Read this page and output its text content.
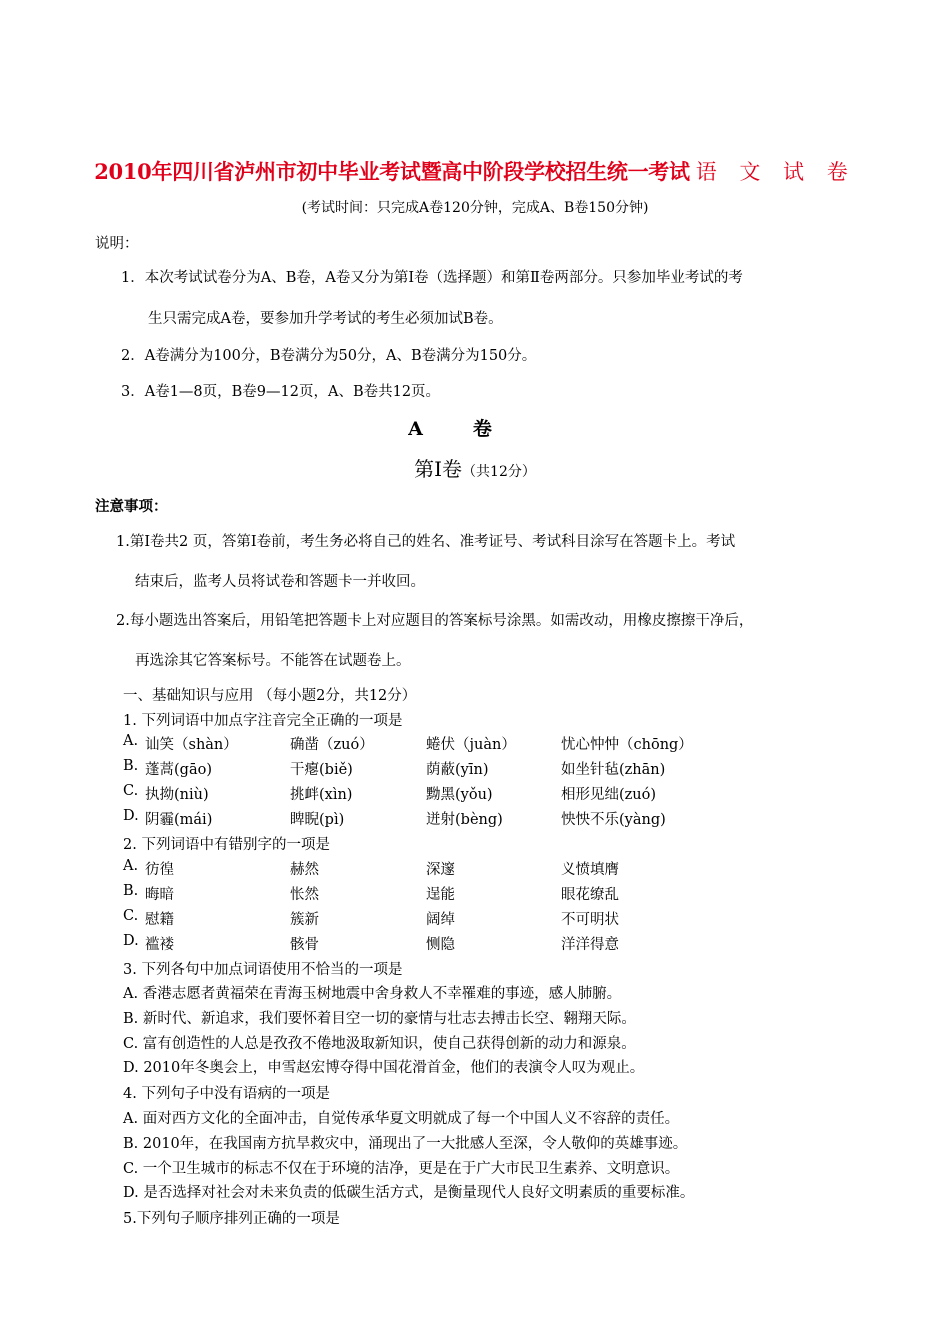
2010年四川省泸州市初中毕业考试暨高中阶段学校招生统一考试 语 文 试 卷
(考试时间：只完成A卷120分钟，完成A、B卷150分钟)
说明：
1．本次考试试卷分为A、B卷，A卷又分为第Ⅰ卷（选择题）和第Ⅱ卷两部分。只参加毕业考试的考
生只需完成A卷，要参加升学考试的考生必须加试B卷。
2．A卷满分为100分，B卷满分为50分，A、B卷满分为150分。
3．A卷1—8页，B卷9—12页，A、B卷共12页。
A卷
第Ⅰ卷（共12分）
注意事项：
1.第Ⅰ卷共2 页，答第Ⅰ卷前，考生务必将自己的姓名、准考证号、考试科目涂写在答题卡上。考试
结束后，监考人员将试卷和答题卡一并收回。
2.每小题选出答案后，用铅笔把答题卡上对应题目的答案标号涂黑。如需改动，用橡皮擦擦干净后，
再选涂其它答案标号。不能答在试题卷上。
一、基础知识与应用 （每小题2分，共12分）
1. 下列词语中加点字注音完全正确的一项是
A. 讪笑（shàn）	确凿（zuó）	蜷伏（juàn）	忧心忡忡（chōng）
B. 蓬蒿(gāo)	干瘪(biě)	荫蔽(yīn)	如坐针毡(zhān)
C. 执拗(niù)	挑衅(xìn)	黝黑(yǒu)	相形见绌(zuó)
D. 阴霾(mái)	睥睨(pì)	迸射(bèng)	怏怏不乐(yàng)
2. 下列词语中有错别字的一项是
A. 彷徨	赫然	深邃	义愤填膺
B. 晦暗	怅然	逞能	眼花缭乱
C. 慰籍	簇新	阔绰	不可明状
D. 褴褛	骸骨	恻隐	洋洋得意
3. 下列各句中加点词语使用不恰当的一项是
A. 香港志愿者黄福荣在青海玉树地震中舍身救人不幸罹难的事迹，感人肺腑。
B. 新时代、新追求，我们要怀着目空一切的豪情与壮志去搏击长空、翱翔天际。
C. 富有创造性的人总是孜孜不倦地汲取新知识，使自己获得创新的动力和源泉。
D. 2010年冬奥会上，申雪赵宏博夺得中国花滑首金，他们的表演令人叹为观止。
4. 下列句子中没有语病的一项是
A. 面对西方文化的全面冲击，自觉传承华夏文明就成了每一个中国人义不容辞的责任。
B. 2010年，在我国南方抗旱救灾中，涌现出了一大批感人至深，令人敬仰的英雄事迹。
C. 一个卫生城市的标志不仅在于环境的洁净，更是在于广大市民卫生素养、文明意识。
D. 是否选择对社会对未来负责的低碳生活方式，是衡量现代人良好文明素质的重要标准。
5.下列句子顺序排列正确的一项是
